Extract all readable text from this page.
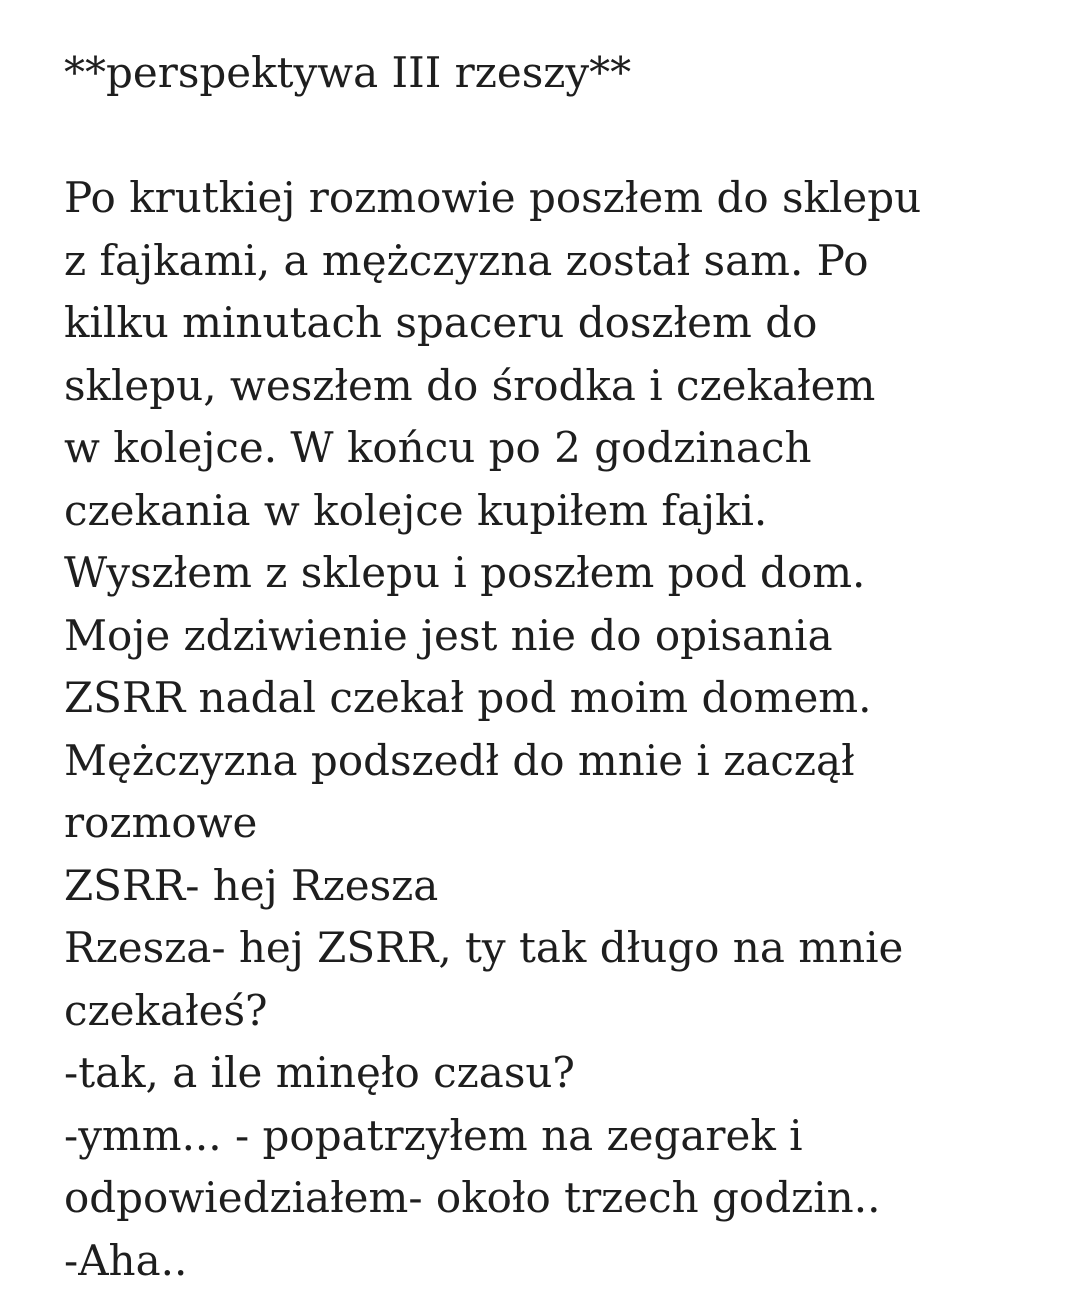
**perspektywa III rzeszy**
Po krutkiej rozmowie poszłem do sklepu
z fajkami, a mężczyzna został sam. Po
kilku minutach spaceru doszłem do
sklepu, weszłem do środka i czekałem
w kolejce. W końcu po 2 godzinach
czekania w kolejce kupiłem fajki.
Wyszłem z sklepu i poszłem pod dom.
Moje zdziwienie jest nie do opisania
ZSRR nadal czekał pod moim domem.
Mężczyzna podszedł do mnie i zaczął
rozmowe
ZSRR- hej Rzesza
Rzesza- hej ZSRR, ty tak długo na mnie
czekałeś?
-tak, a ile minęło czasu?
-ymm... - popatrzyłem na zegarek i
odpowiedziałem- około trzech godzin..
-Aha..
